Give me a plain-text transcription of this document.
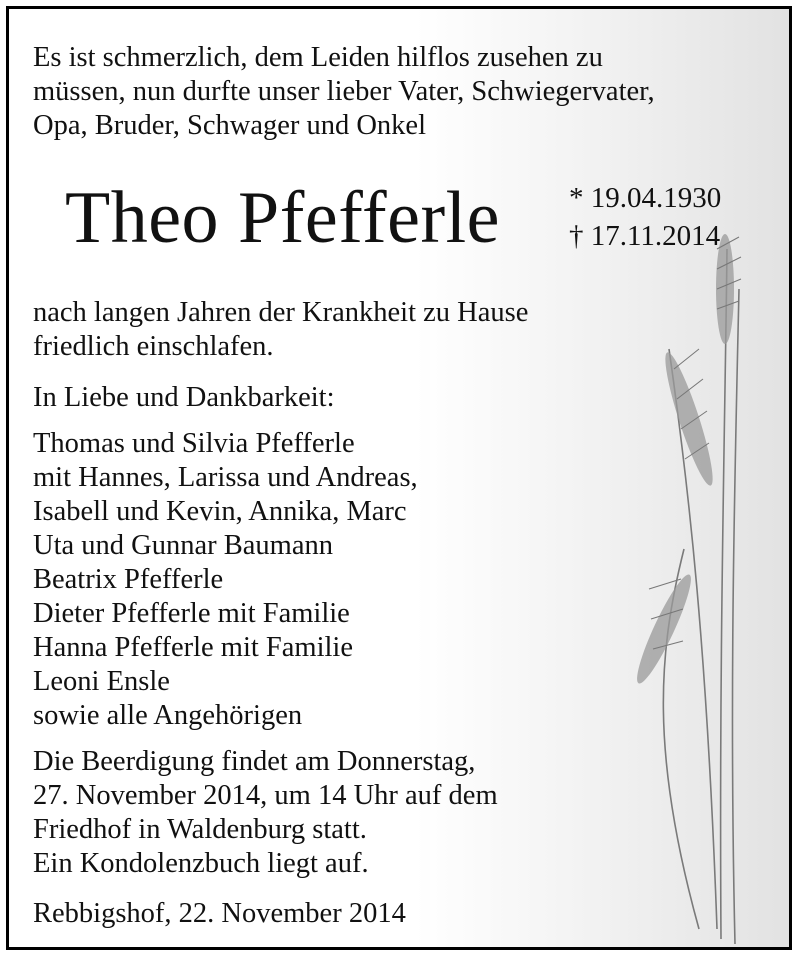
Es ist schmerzlich, dem Leiden hilflos zusehen zu
müssen, nun durfte unser lieber Vater, Schwiegervater,
Opa, Bruder, Schwager und Onkel
Theo Pfefferle * 19.04.1930
† 17.11.2014
nach langen Jahren der Krankheit zu Hause
friedlich einschlafen.
In Liebe und Dankbarkeit:
Thomas und Silvia Pfefferle
mit Hannes, Larissa und Andreas,
Isabell und Kevin, Annika, Marc
Uta und Gunnar Baumann
Beatrix Pfefferle
Dieter Pfefferle mit Familie
Hanna Pfefferle mit Familie
Leoni Ensle
sowie alle Angehörigen
Die Beerdigung findet am Donnerstag,
27. November 2014, um 14 Uhr auf dem
Friedhof in Waldenburg statt.
Ein Kondolenzbuch liegt auf.
Rebbigshof, 22. November 2014
